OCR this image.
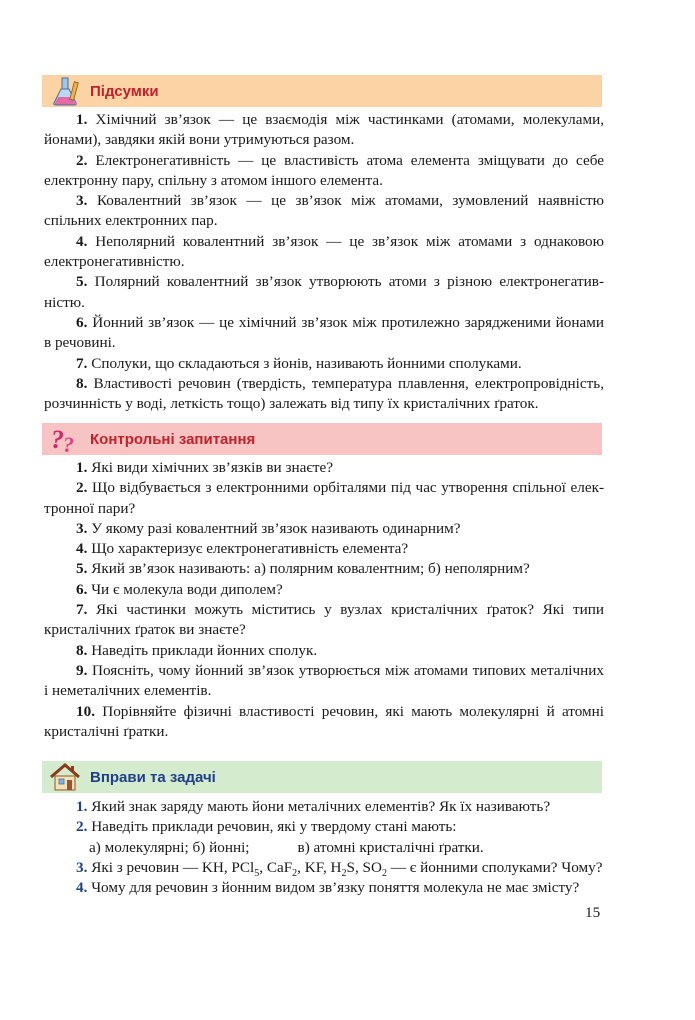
Підсумки

1. Хімічний зв’язок — це взаємодія між частинками (атомами, молекулами, йонами), завдяки якій вони утримуються разом.

2. Електронегативність — це властивість атома елемента зміщувати до себе електронну пару, спільну з атомом іншого елемента.

3. Ковалентний зв’язок — це зв’язок між атомами, зумовлений наявністю спільних електронних пар.

4. Неполярний ковалентний зв’язок — це зв’язок між атомами з однаковою електронегативністю.

5. Полярний ковалентний зв’язок утворюють атоми з різною електронегативністю.

6. Йонний зв’язок — це хімічний зв’язок між протилежно зарядженими йонами в речовині.

7. Сполуки, що складаються з йонів, називають йонними сполуками.

8. Властивості речовин (твердість, температура плавлення, електропровідність, розчинність у воді, леткість тощо) залежать від типу їх кристалічних ґраток.

? ? Контрольні запитання

1. Які види хімічних зв’язків ви знаєте?

2. Що відбувається з електронними орбіталями під час утворення спільної електронної пари?

3. У якому разі ковалентний зв’язок називають одинарним?

4. Що характеризує електронегативність елемента?

5. Який зв’язок називають: а) полярним ковалентним; б) неполярним?

6. Чи є молекула води диполем?

7. Які частинки можуть міститись у вузлах кристалічних ґраток? Які типи кристалічних ґраток ви знаєте?

8. Наведіть приклади йонних сполук.

9. Поясніть, чому йонний зв’язок утворюється між атомами типових металічних і неметалічних елементів.

10. Порівняйте фізичні властивості речовин, які мають молекулярні й атомні кристалічні ґратки.

Вправи та задачі

1. Який знак заряду мають йони металічних елементів? Як їх називають?

2. Наведіть приклади речовин, які у твердому стані мають:

а) молекулярні; б) йонні;	в) атомні кристалічні ґратки.

3. Які з речовин — KH, PCl$_5$, CaF$_2$, KF, $H_2S$, $SO_2$ — є йонними сполуками? Чому?

4. Чому для речовин з йонним видом зв’язку поняття молекула не має змісту?

15
